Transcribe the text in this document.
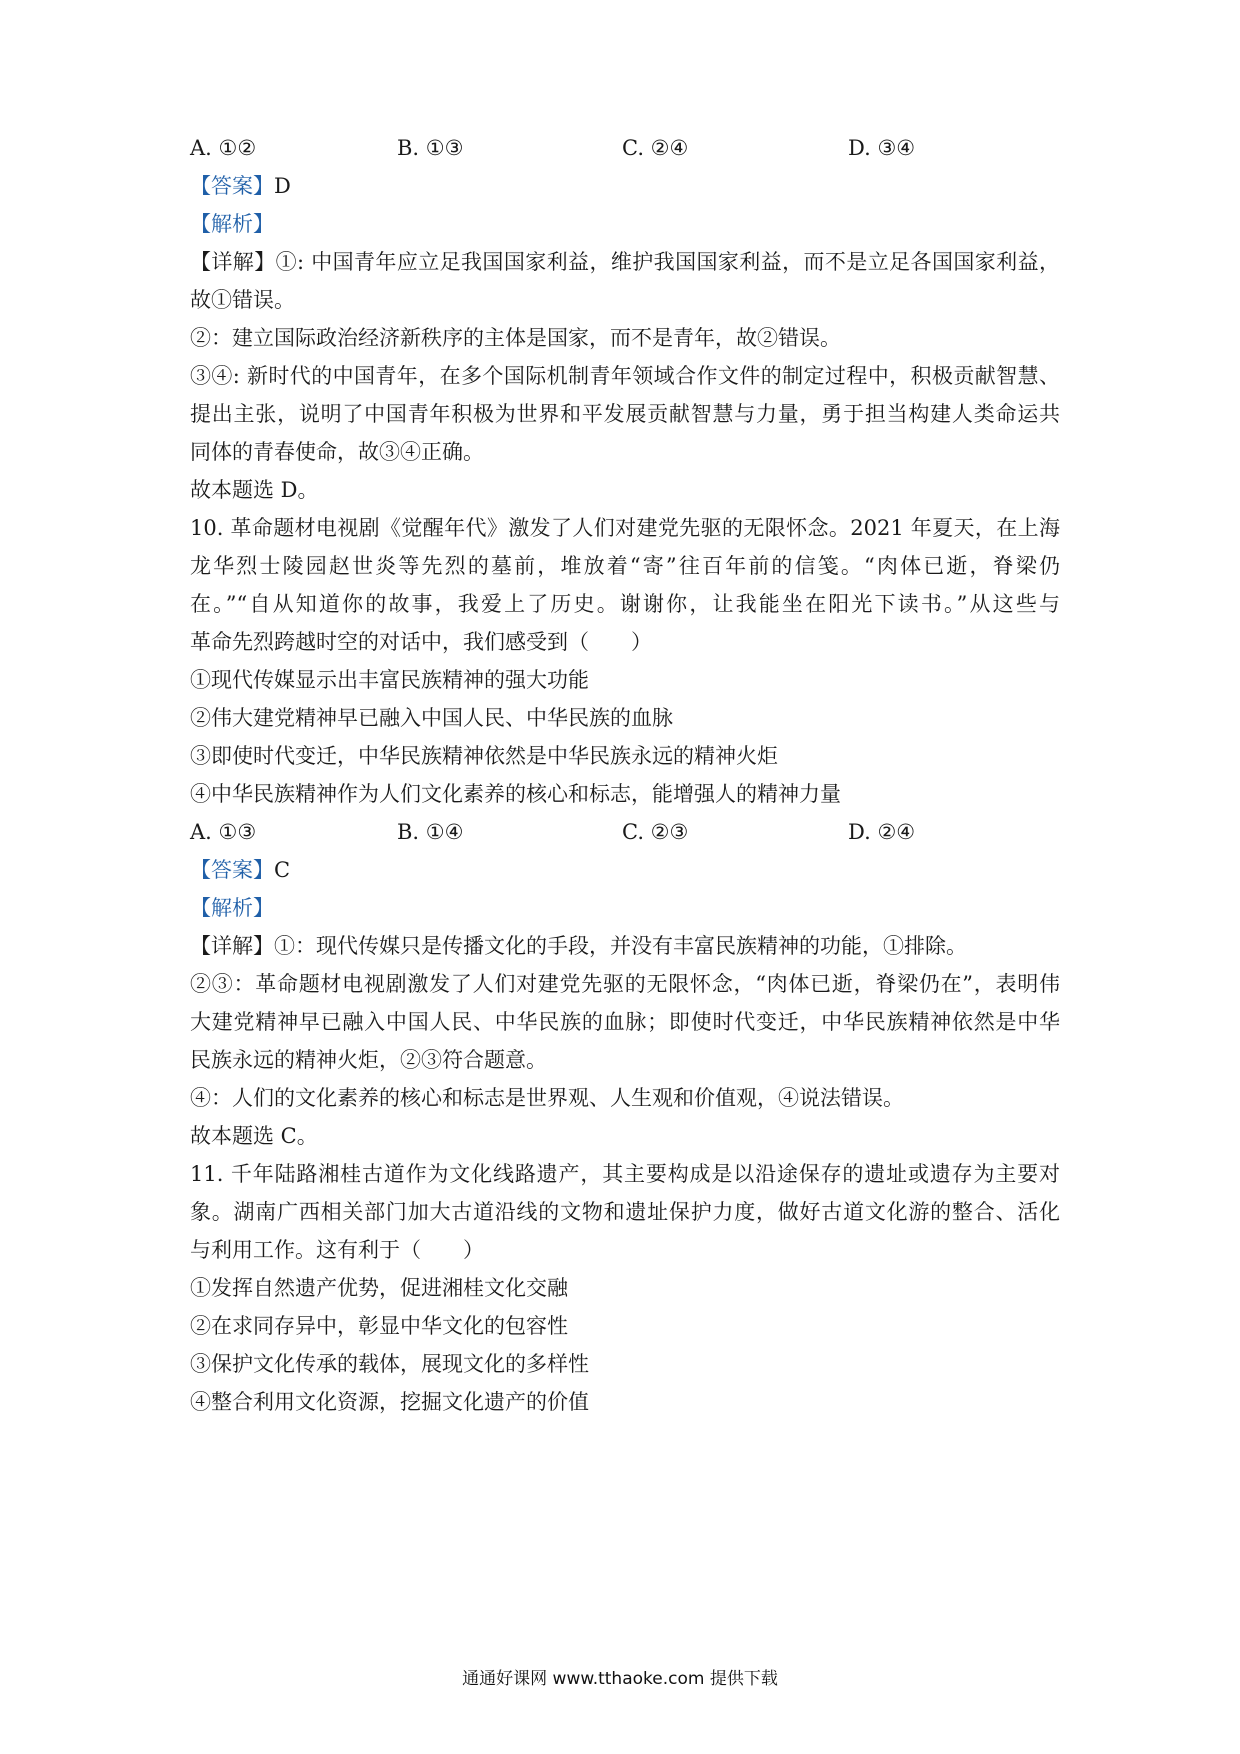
A. ①②	B. ①③	C. ②④	D. ③④
【答案】D
【解析】
【详解】①: 中国青年应立足我国国家利益，维护我国国家利益，而不是立足各国国家利益，
故①错误。
②：建立国际政治经济新秩序的主体是国家，而不是青年，故②错误。
③④: 新时代的中国青年，在多个国际机制青年领域合作文件的制定过程中，积极贡献智慧、
提出主张，说明了中国青年积极为世界和平发展贡献智慧与力量，勇于担当构建人类命运共
同体的青春使命，故③④正确。
故本题选 D。
10. 革命题材电视剧《觉醒年代》激发了人们对建党先驱的无限怀念。2021 年夏天，在上海
龙华烈士陵园赵世炎等先烈的墓前，堆放着“寄”往百年前的信笺。“肉体已逝，脊梁仍
在。”“自从知道你的故事，我爱上了历史。谢谢你，让我能坐在阳光下读书。”从这些与
革命先烈跨越时空的对话中，我们感受到（　　）
①现代传媒显示出丰富民族精神的强大功能
②伟大建党精神早已融入中国人民、中华民族的血脉
③即使时代变迁，中华民族精神依然是中华民族永远的精神火炬
④中华民族精神作为人们文化素养的核心和标志，能增强人的精神力量
A. ①③	B. ①④	C. ②③	D. ②④
【答案】C
【解析】
【详解】①：现代传媒只是传播文化的手段，并没有丰富民族精神的功能，①排除。
②③：革命题材电视剧激发了人们对建党先驱的无限怀念，“肉体已逝，脊梁仍在”，表明伟
大建党精神早已融入中国人民、中华民族的血脉；即使时代变迁，中华民族精神依然是中华
民族永远的精神火炬，②③符合题意。
④：人们的文化素养的核心和标志是世界观、人生观和价值观，④说法错误。
故本题选 C。
11. 千年陆路湘桂古道作为文化线路遗产，其主要构成是以沿途保存的遗址或遗存为主要对
象。湖南广西相关部门加大古道沿线的文物和遗址保护力度，做好古道文化游的整合、活化
与利用工作。这有利于（　　）
①发挥自然遗产优势，促进湘桂文化交融
②在求同存异中，彰显中华文化的包容性
③保护文化传承的载体，展现文化的多样性
④整合利用文化资源，挖掘文化遗产的价值
通通好课网 www.tthaoke.com 提供下载
